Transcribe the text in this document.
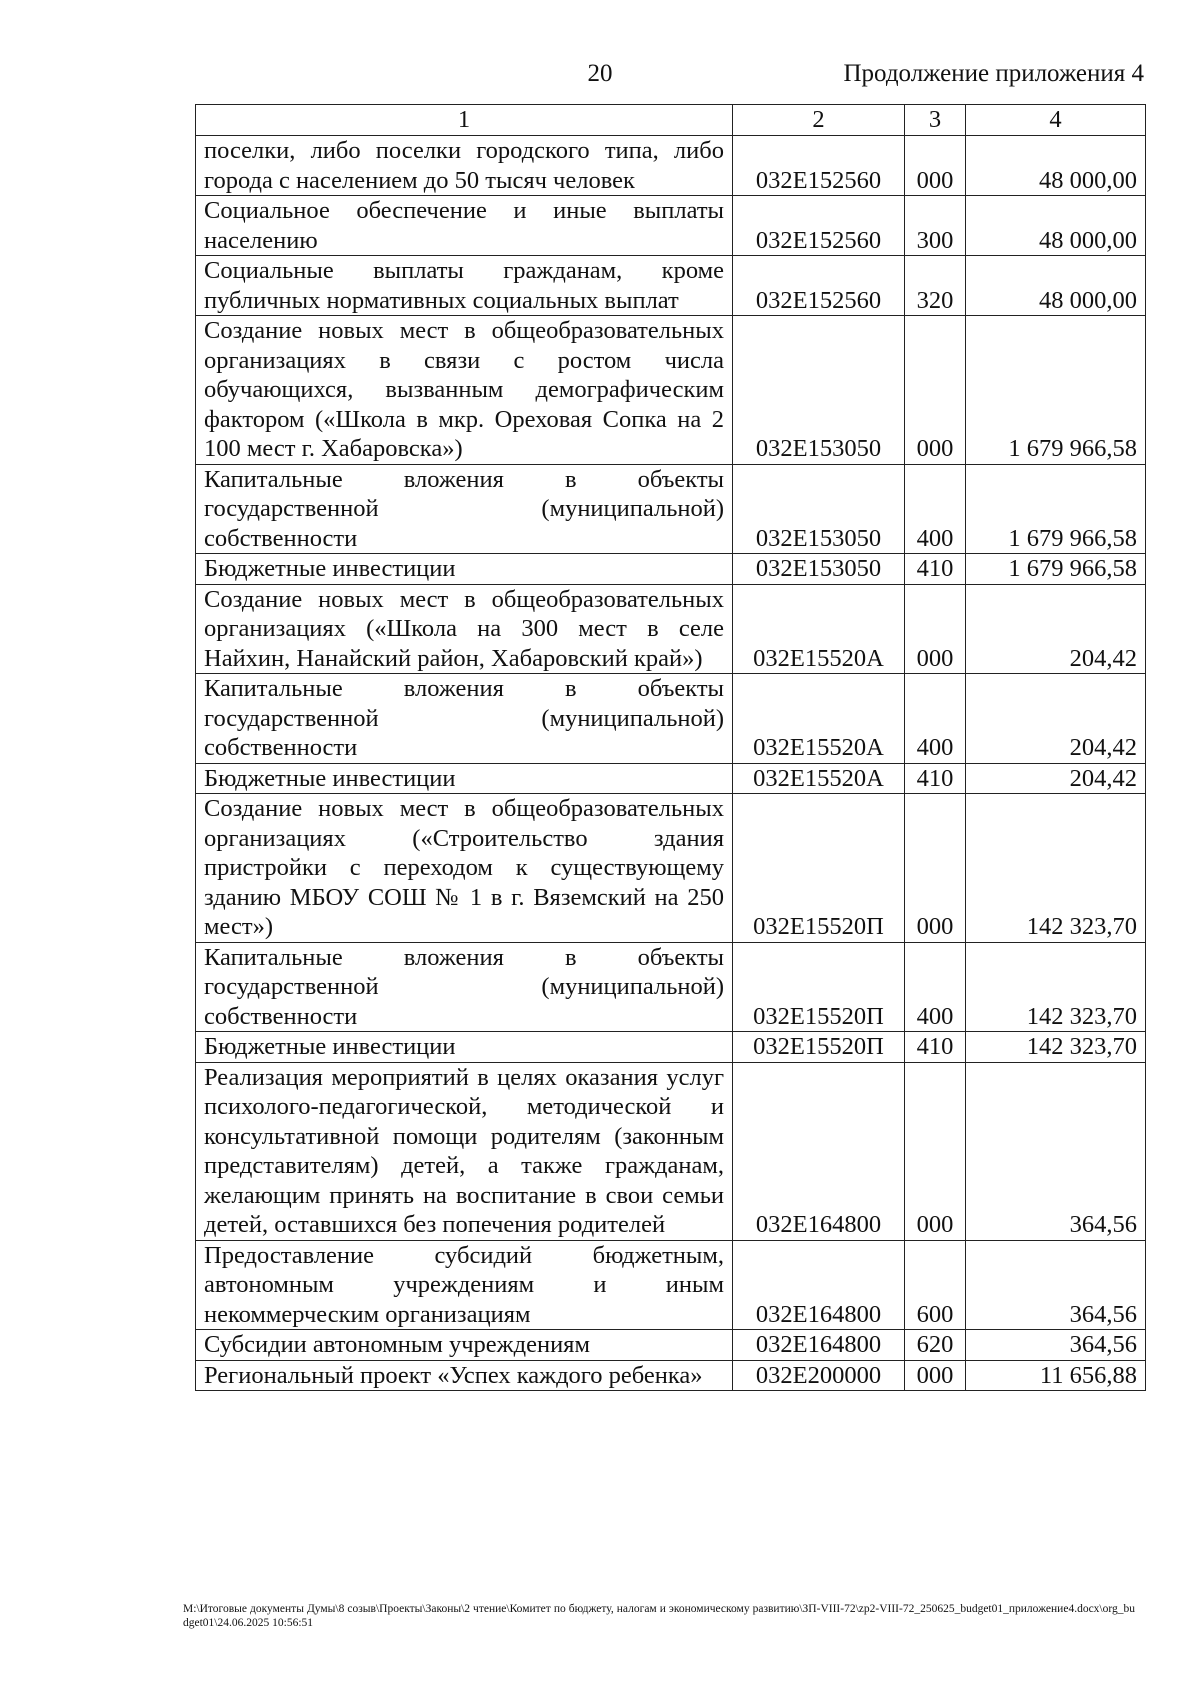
20	Продолжение приложения 4
1	2	3	4
поселки, либо поселки городского типа, либо города с населением до 50 тысяч человек	032Е152560	000	48 000,00
Социальное обеспечение и иные выплаты населению	032Е152560	300	48 000,00
Социальные выплаты гражданам, кроме публичных нормативных социальных выплат	032Е152560	320	48 000,00
Создание новых мест в общеобразовательных организациях в связи с ростом числа обучающихся, вызванным демографическим фактором («Школа в мкр. Ореховая Сопка на 2 100 мест г. Хабаровска»)	032Е153050	000	1 679 966,58
Капитальные вложения в объекты государственной (муниципальной) собственности	032Е153050	400	1 679 966,58
Бюджетные инвестиции	032Е153050	410	1 679 966,58
Создание новых мест в общеобразовательных организациях («Школа на 300 мест в селе Найхин, Нанайский район, Хабаровский край»)	032Е15520А	000	204,42
Капитальные вложения в объекты государственной (муниципальной) собственности	032Е15520А	400	204,42
Бюджетные инвестиции	032Е15520А	410	204,42
Создание новых мест в общеобразовательных организациях («Строительство здания пристройки с переходом к существующему зданию МБОУ СОШ № 1 в г. Вяземский на 250 мест»)	032Е15520П	000	142 323,70
Капитальные вложения в объекты государственной (муниципальной) собственности	032Е15520П	400	142 323,70
Бюджетные инвестиции	032Е15520П	410	142 323,70
Реализация мероприятий в целях оказания услуг психолого-педагогической, методической и консультативной помощи родителям (законным представителям) детей, а также гражданам, желающим принять на воспитание в свои семьи детей, оставшихся без попечения родителей	032Е164800	000	364,56
Предоставление субсидий бюджетным, автономным учреждениям и иным некоммерческим организациям	032Е164800	600	364,56
Субсидии автономным учреждениям	032Е164800	620	364,56
Региональный проект «Успех каждого ребенка»	032Е200000	000	11 656,88
M:\Итоговые документы Думы\8 созыв\Проекты\Законы\2 чтение\Комитет по бюджету, налогам и экономическому развитию\ЗП-VIII-72\zp2-VIII-72_250625_budget01_приложение4.docx\org_budget01\24.06.2025 10:56:51
